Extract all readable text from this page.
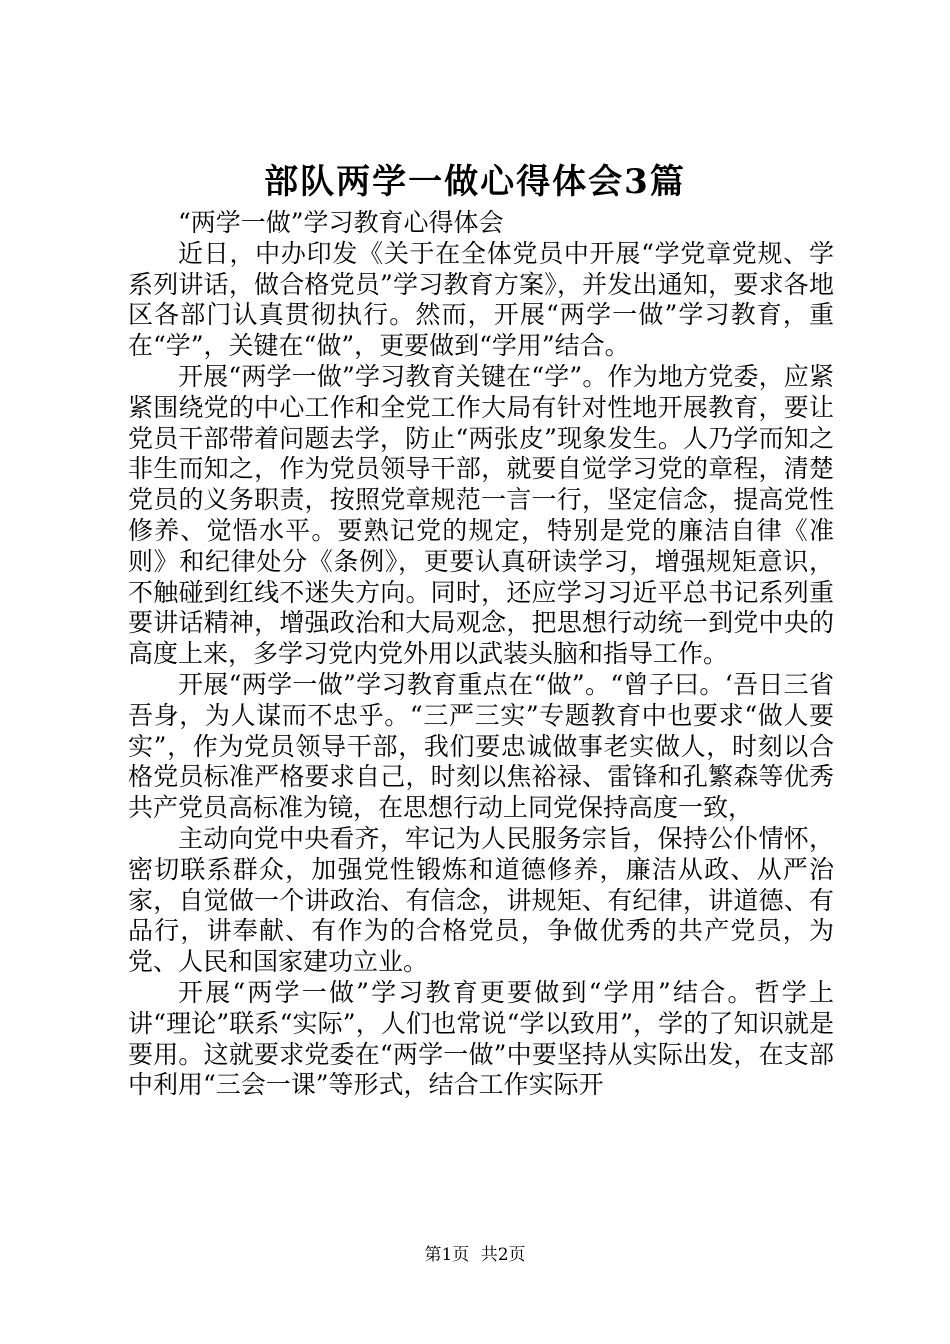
部队两学一做心得体会3篇

“两学一做”学习教育心得体会

近日，中办印发《关于在全体党员中开展“学党章党规、学系列讲话，做合格党员”学习教育方案》，并发出通知，要求各地区各部门认真贯彻执行。然而，开展“两学一做”学习教育，重在“学”，关键在“做”，更要做到“学用”结合。

开展“两学一做”学习教育关键在“学”。作为地方党委，应紧紧围绕党的中心工作和全党工作大局有针对性地开展教育，要让党员干部带着问题去学，防止“两张皮”现象发生。人乃学而知之非生而知之，作为党员领导干部，就要自觉学习党的章程，清楚党员的义务职责，按照党章规范一言一行，坚定信念，提高党性修养、觉悟水平。要熟记党的规定，特别是党的廉洁自律《准则》和纪律处分《条例》，更要认真研读学习，增强规矩意识，不触碰到红线不迷失方向。同时，还应学习习近平总书记系列重要讲话精神，增强政治和大局观念，把思想行动统一到党中央的高度上来，多学习党内党外用以武装头脑和指导工作。

开展“两学一做”学习教育重点在“做”。“曾子曰。‘吾日三省吾身，为人谋而不忠乎。“三严三实”专题教育中也要求“做人要实”，作为党员领导干部，我们要忠诚做事老实做人，时刻以合格党员标准严格要求自己，时刻以焦裕禄、雷锋和孔繁森等优秀共产党员高标准为镜，在思想行动上同党保持高度一致，

主动向党中央看齐，牢记为人民服务宗旨，保持公仆情怀，密切联系群众，加强党性锻炼和道德修养，廉洁从政、从严治家，自觉做一个讲政治、有信念，讲规矩、有纪律，讲道德、有品行，讲奉献、有作为的合格党员，争做优秀的共产党员，为党、人民和国家建功立业。

开展“两学一做”学习教育更要做到“学用”结合。哲学上讲“理论”联系“实际”，人们也常说“学以致用”，学的了知识就是要用。这就要求党委在“两学一做”中要坚持从实际出发，在支部中利用“三会一课”等形式，结合工作实际开

第1页 共2页
